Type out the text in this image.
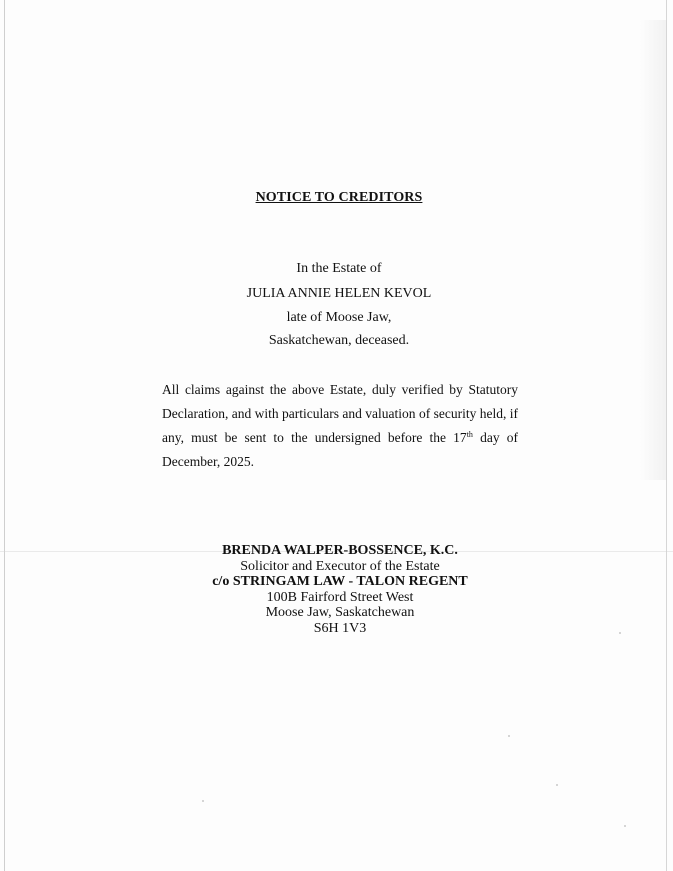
NOTICE TO CREDITORS
In the Estate of
JULIA ANNIE HELEN KEVOL
late of Moose Jaw,
Saskatchewan, deceased.

All claims against the above Estate, duly verified by Statutory Declaration, and with particulars and valuation of security held, if any, must be sent to the undersigned before the 17th day of December, 2025.

BRENDA WALPER-BOSSENCE, K.C.
Solicitor and Executor of the Estate
c/o STRINGAM LAW - TALON REGENT
100B Fairford Street West
Moose Jaw, Saskatchewan
S6H 1V3
